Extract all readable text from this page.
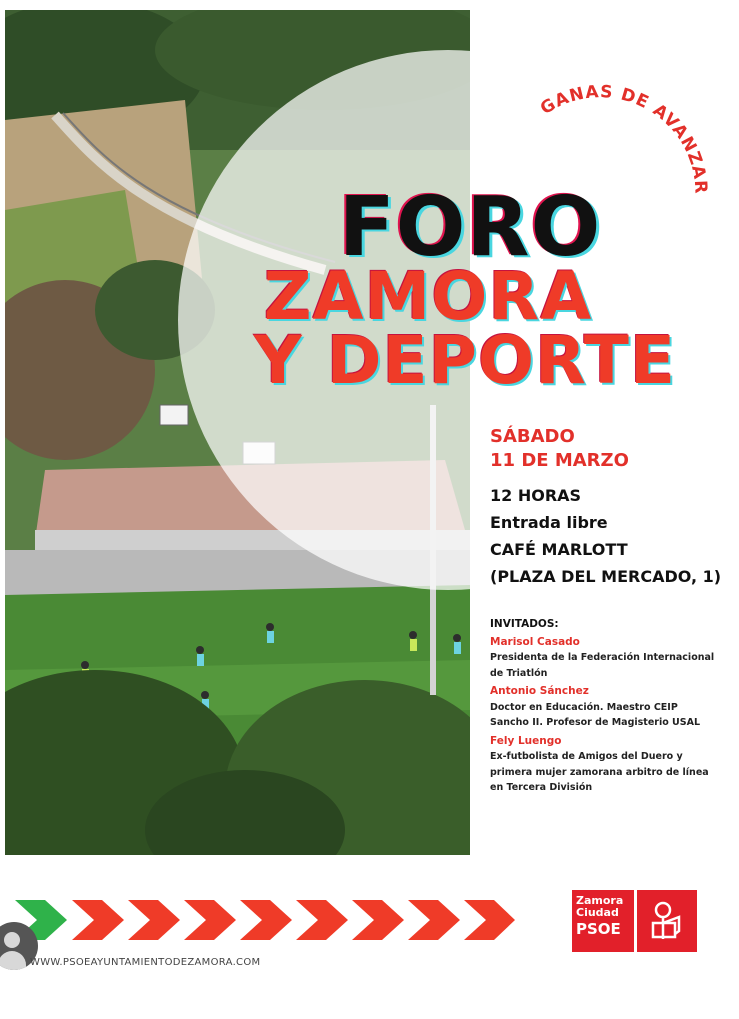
GANAS DE AVANZAR
FORO
ZAMORA
Y DEPORTE
SÁBADO
11 DE MARZO
12 HORAS
Entrada libre
CAFÉ MARLOTT
(PLAZA DEL MERCADO, 1)
INVITADOS:
Marisol Casado
Presidenta de la Federación Internacional de Triatlón
Antonio Sánchez
Doctor en Educación. Maestro CEIP Sancho II. Profesor de Magisterio USAL
Fely Luengo
Ex-futbolista de Amigos del Duero y primera mujer zamorana arbitro de línea en Tercera División
WWW.PSOEAYUNTAMIENTODEZAMORA.COM
Zamora
Ciudad
PSOE
